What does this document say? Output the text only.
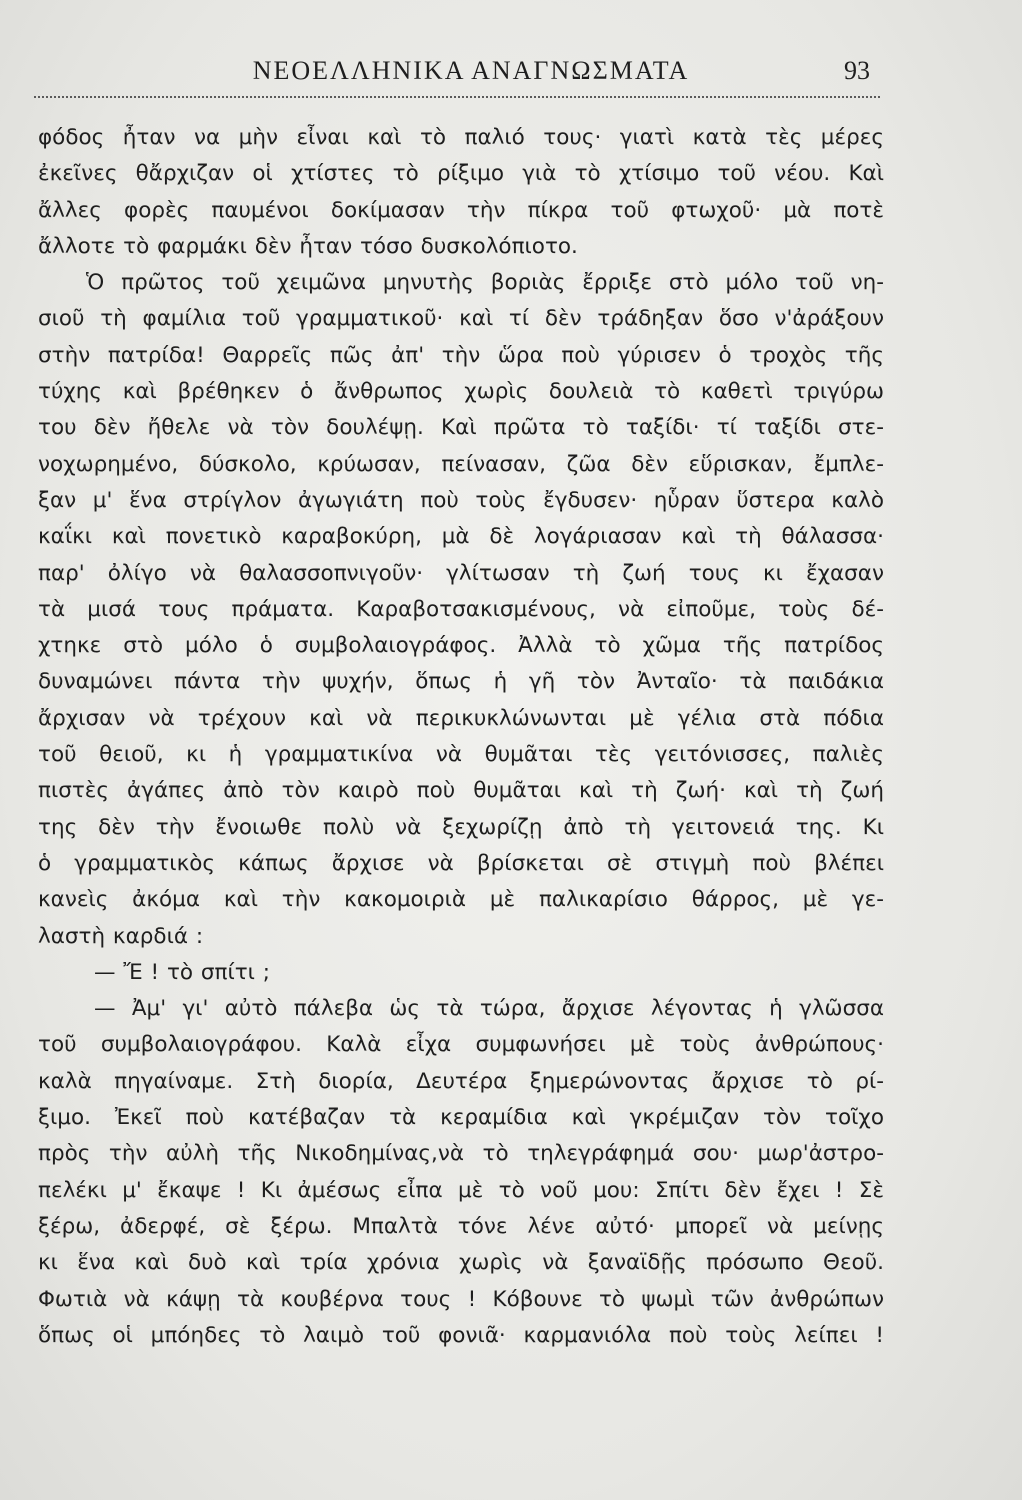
ΝΕΟΕΛΛΗΝΙΚΑ ΑΝΑΓΝΩΣΜΑΤΑ	93
φόδος ἦταν να μὴν εἶναι καὶ τὸ παλιό τους· γιατὶ κατὰ τὲς μέρες
ἐκεῖνες θἄρχιζαν οἱ χτίστες τὸ ρίξιμο γιὰ τὸ χτίσιμο τοῦ νέου. Καὶ
ἄλλες φορὲς παυμένοι δοκίμασαν τὴν πίκρα τοῦ φτωχοῦ· μὰ ποτὲ
ἄλλοτε τὸ φαρμάκι δὲν ἦταν τόσο δυσκολόπιοτο.
Ὁ πρῶτος τοῦ χειμῶνα μηνυτὴς βοριὰς ἔρριξε στὸ μόλο τοῦ νη-
σιοῦ τὴ φαμίλια τοῦ γραμματικοῦ· καὶ τί δὲν τράδηξαν ὅσο ν'ἀράξουν
στὴν πατρίδα! Θαρρεῖς πῶς ἀπ' τὴν ὥρα ποὺ γύρισεν ὁ τροχὸς τῆς
τύχης καὶ βρέθηκεν ὁ ἄνθρωπος χωρὶς δουλειὰ τὸ καθετὶ τριγύρω
του δὲν ἤθελε νὰ τὸν δουλέψῃ. Καὶ πρῶτα τὸ ταξίδι· τί ταξίδι στε-
νοχωρημένο, δύσκολο, κρύωσαν, πείνασαν, ζῶα δὲν εὕρισκαν, ἔμπλε-
ξαν μ' ἕνα στρίγλον ἀγωγιάτη ποὺ τοὺς ἔγδυσεν· ηὗραν ὕστερα καλὸ
καΐκι καὶ πονετικὸ καραβοκύρη, μὰ δὲ λογάριασαν καὶ τὴ θάλασσα·
παρ' ὀλίγο νὰ θαλασσοπνιγοῦν· γλίτωσαν τὴ ζωή τους κι ἔχασαν
τὰ μισά τους πράματα. Καραβοτσακισμένους, νὰ εἰποῦμε, τοὺς δέ-
χτηκε στὸ μόλο ὁ συμβολαιογράφος. Ἀλλὰ τὸ χῶμα τῆς πατρίδος
δυναμώνει πάντα τὴν ψυχήν, ὅπως ἡ γῆ τὸν Ἀνταῖο· τὰ παιδάκια
ἄρχισαν νὰ τρέχουν καὶ νὰ περικυκλώνωνται μὲ γέλια στὰ πόδια
τοῦ θειοῦ, κι ἡ γραμματικίνα νὰ θυμᾶται τὲς γειτόνισσες, παλιὲς
πιστὲς ἀγάπες ἀπὸ τὸν καιρὸ ποὺ θυμᾶται καὶ τὴ ζωή· καὶ τὴ ζωή
της δὲν τὴν ἔνοιωθε πολὺ νὰ ξεχωρίζῃ ἀπὸ τὴ γειτονειά της. Κι
ὁ γραμματικὸς κάπως ἄρχισε νὰ βρίσκεται σὲ στιγμὴ ποὺ βλέπει
κανεὶς ἀκόμα καὶ τὴν κακομοιριὰ μὲ παλικαρίσιο θάρρος, μὲ γε-
λαστὴ καρδιά :
— Ἔ ! τὸ σπίτι ;
— Ἀμ' γι' αὐτὸ πάλεβα ὡς τὰ τώρα, ἄρχισε λέγοντας ἡ γλῶσσα
τοῦ συμβολαιογράφου. Καλὰ εἶχα συμφωνήσει μὲ τοὺς ἀνθρώπους·
καλὰ πηγαίναμε. Στὴ διορία, Δευτέρα ξημερώνοντας ἄρχισε τὸ ρί-
ξιμο. Ἐκεῖ ποὺ κατέβαζαν τὰ κεραμίδια καὶ γκρέμιζαν τὸν τοῖχο
πρὸς τὴν αὐλὴ τῆς Νικοδημίνας,νὰ τὸ τηλεγράφημά σου· μωρ'ἀστρο-
πελέκι μ' ἔκαψε ! Κι ἀμέσως εἶπα μὲ τὸ νοῦ μου: Σπίτι δὲν ἔχει ! Σὲ
ξέρω, ἀδερφέ, σὲ ξέρω. Μπαλτὰ τόνε λένε αὐτό· μπορεῖ νὰ μείνῃς
κι ἕνα καὶ δυὸ καὶ τρία χρόνια χωρὶς νὰ ξαναϊδῇς πρόσωπο Θεοῦ.
Φωτιὰ νὰ κάψῃ τὰ κουβέρνα τους ! Κόβουνε τὸ ψωμὶ τῶν ἀνθρώπων
ὅπως οἱ μπόηδες τὸ λαιμὸ τοῦ φονιᾶ· καρμανιόλα ποὺ τοὺς λείπει !
